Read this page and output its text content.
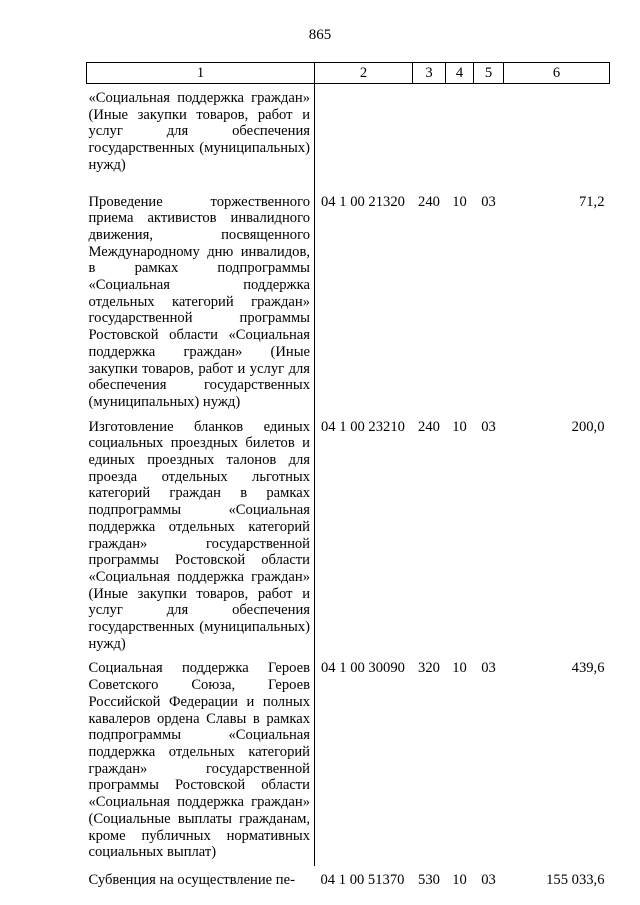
865
1	2	3	4	5	6
«Социальная поддержка граждан» (Иные закупки товаров, работ и услуг для обеспечения государственных (муниципальных) нужд)					
Проведение торжественного приема активистов инвалидного движения, посвященного Международному дню инвалидов, в рамках подпрограммы «Социальная поддержка отдельных категорий граждан» государственной программы Ростовской области «Социальная поддержка граждан» (Иные закупки товаров, работ и услуг для обеспечения государственных (муниципальных) нужд)	04 1 00 21320	240	10	03	71,2
Изготовление бланков единых социальных проездных билетов и единых проездных талонов для проезда отдельных льготных категорий граждан в рамках подпрограммы «Социальная поддержка отдельных категорий граждан» государственной программы Ростовской области «Социальная поддержка граждан» (Иные закупки товаров, работ и услуг для обеспечения государственных (муниципальных) нужд)	04 1 00 23210	240	10	03	200,0
Социальная поддержка Героев Советского Союза, Героев Российской Федерации и полных кавалеров ордена Славы в рамках подпрограммы «Социальная поддержка отдельных категорий граждан» государственной программы Ростовской области «Социальная поддержка граждан» (Социальные выплаты гражданам, кроме публичных нормативных социальных выплат)	04 1 00 30090	320	10	03	439,6
Субвенция на осуществление пе-	04 1 00 51370	530	10	03	155 033,6
